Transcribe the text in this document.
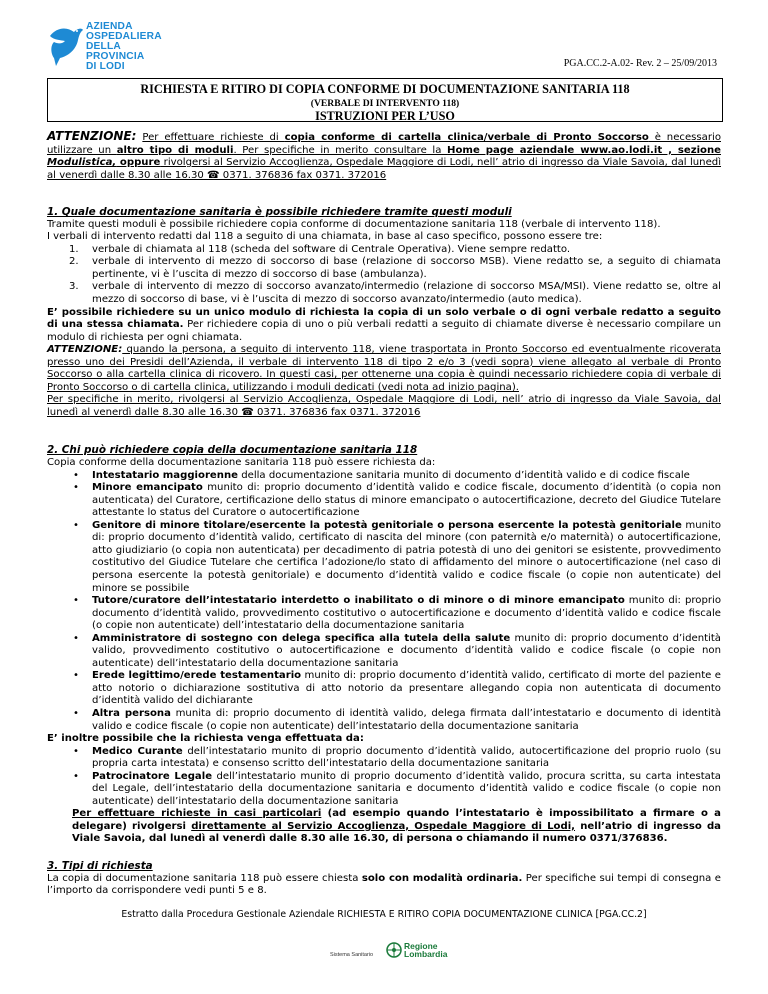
AZIENDA
OSPEDALIERA
DELLA
PROVINCIA
DI LODI	PGA.CC.2-A.02- Rev. 2 – 25/09/2013
RICHIESTA E RITIRO DI COPIA CONFORME DI DOCUMENTAZIONE SANITARIA 118
(VERBALE DI INTERVENTO 118)
ISTRUZIONI PER L’USO

ATTENZIONE: Per effettuare richieste di copia conforme di cartella clinica/verbale di Pronto Soccorso è necessario utilizzare un altro tipo di moduli. Per specifiche in merito consultare la Home page aziendale www.ao.lodi.it , sezione Modulistica, oppure rivolgersi al Servizio Accoglienza, Ospedale Maggiore di Lodi, nell’ atrio di ingresso da Viale Savoia, dal lunedì al venerdì dalle 8.30 alle 16.30 ☎ 0371. 376836 fax 0371. 372016

1. Quale documentazione sanitaria è possibile richiedere tramite questi moduli

Tramite questi moduli è possibile richiedere copia conforme di documentazione sanitaria 118 (verbale di intervento 118).

I verbali di intervento redatti dal 118 a seguito di una chiamata, in base al caso specifico, possono essere tre:

1. verbale di chiamata al 118 (scheda del software di Centrale Operativa). Viene sempre redatto.
2. verbale di intervento di mezzo di soccorso di base (relazione di soccorso MSB). Viene redatto se, a seguito di chiamata pertinente, vi è l’uscita di mezzo di soccorso di base (ambulanza).
3. verbale di intervento di mezzo di soccorso avanzato/intermedio (relazione di soccorso MSA/MSI). Viene redatto se, oltre al mezzo di soccorso di base, vi è l’uscita di mezzo di soccorso avanzato/intermedio (auto medica).

E’ possibile richiedere su un unico modulo di richiesta la copia di un solo verbale o di ogni verbale redatto a seguito di una stessa chiamata. Per richiedere copia di uno o più verbali redatti a seguito di chiamate diverse è necessario compilare un modulo di richiesta per ogni chiamata.

ATTENZIONE: quando la persona, a seguito di intervento 118, viene trasportata in Pronto Soccorso ed eventualmente ricoverata presso uno dei Presidi dell’Azienda, il verbale di intervento 118 di tipo 2 e/o 3 (vedi sopra) viene allegato al verbale di Pronto Soccorso o alla cartella clinica di ricovero. In questi casi, per ottenerne una copia è quindi necessario richiedere copia di verbale di Pronto Soccorso o di cartella clinica, utilizzando i moduli dedicati (vedi nota ad inizio pagina).

Per specifiche in merito, rivolgersi al Servizio Accoglienza, Ospedale Maggiore di Lodi, nell’ atrio di ingresso da Viale Savoia, dal lunedì al venerdì dalle 8.30 alle 16.30 ☎ 0371. 376836 fax 0371. 372016

2. Chi può richiedere copia della documentazione sanitaria 118

Copia conforme della documentazione sanitaria 118 può essere richiesta da:

• Intestatario maggiorenne della documentazione sanitaria munito di documento d’identità valido e di codice fiscale
• Minore emancipato munito di: proprio documento d’identità valido e codice fiscale, documento d’identità (o copia non autenticata) del Curatore, certificazione dello status di minore emancipato o autocertificazione, decreto del Giudice Tutelare attestante lo status del Curatore o autocertificazione
• Genitore di minore titolare/esercente la potestà genitoriale o persona esercente la potestà genitoriale munito di: proprio documento d’identità valido, certificato di nascita del minore (con paternità e/o maternità) o autocertificazione, atto giudiziario (o copia non autenticata) per decadimento di patria potestà di uno dei genitori se esistente, provvedimento costitutivo del Giudice Tutelare che certifica l’adozione/lo stato di affidamento del minore o autocertificazione (nel caso di persona esercente la potestà genitoriale) e documento d’identità valido e codice fiscale (o copie non autenticate) del minore se possibile
• Tutore/curatore dell’intestatario interdetto o inabilitato o di minore o di minore emancipato munito di: proprio documento d’identità valido, provvedimento costitutivo o autocertificazione e documento d’identità valido e codice fiscale (o copie non autenticate) dell’intestatario della documentazione sanitaria
• Amministratore di sostegno con delega specifica alla tutela della salute munito di: proprio documento d’identità valido, provvedimento costitutivo o autocertificazione e documento d’identità valido e codice fiscale (o copie non autenticate) dell’intestatario della documentazione sanitaria
• Erede legittimo/erede testamentario munito di: proprio documento d’identità valido, certificato di morte del paziente e atto notorio o dichiarazione sostitutiva di atto notorio da presentare allegando copia non autenticata di documento d’identità valido del dichiarante
• Altra persona munita di: proprio documento di identità valido, delega firmata dall’intestatario e documento di identità valido e codice fiscale (o copie non autenticate) dell’intestatario della documentazione sanitaria

E’ inoltre possibile che la richiesta venga effettuata da:

• Medico Curante dell’intestatario munito di proprio documento d’identità valido, autocertificazione del proprio ruolo (su propria carta intestata) e consenso scritto dell’intestatario della documentazione sanitaria
• Patrocinatore Legale dell’intestatario munito di proprio documento d’identità valido, procura scritta, su carta intestata del Legale, dell’intestatario della documentazione sanitaria e documento d’identità valido e codice fiscale (o copie non autenticate) dell’intestatario della documentazione sanitaria

Per effettuare richieste in casi particolari (ad esempio quando l’intestatario è impossibilitato a firmare o a delegare) rivolgersi direttamente al Servizio Accoglienza, Ospedale Maggiore di Lodi, nell’atrio di ingresso da Viale Savoia, dal lunedì al venerdì dalle 8.30 alle 16.30, di persona o chiamando il numero 0371/376836.

3. Tipi di richiesta

La copia di documentazione sanitaria 118 può essere chiesta solo con modalità ordinaria. Per specifiche sui tempi di consegna e l’importo da corrispondere vedi punti 5 e 8.

Estratto dalla Procedura Gestionale Aziendale RICHIESTA E RITIRO COPIA DOCUMENTAZIONE CLINICA [PGA.CC.2]
Sistema Sanitario
Regione
Lombardia
